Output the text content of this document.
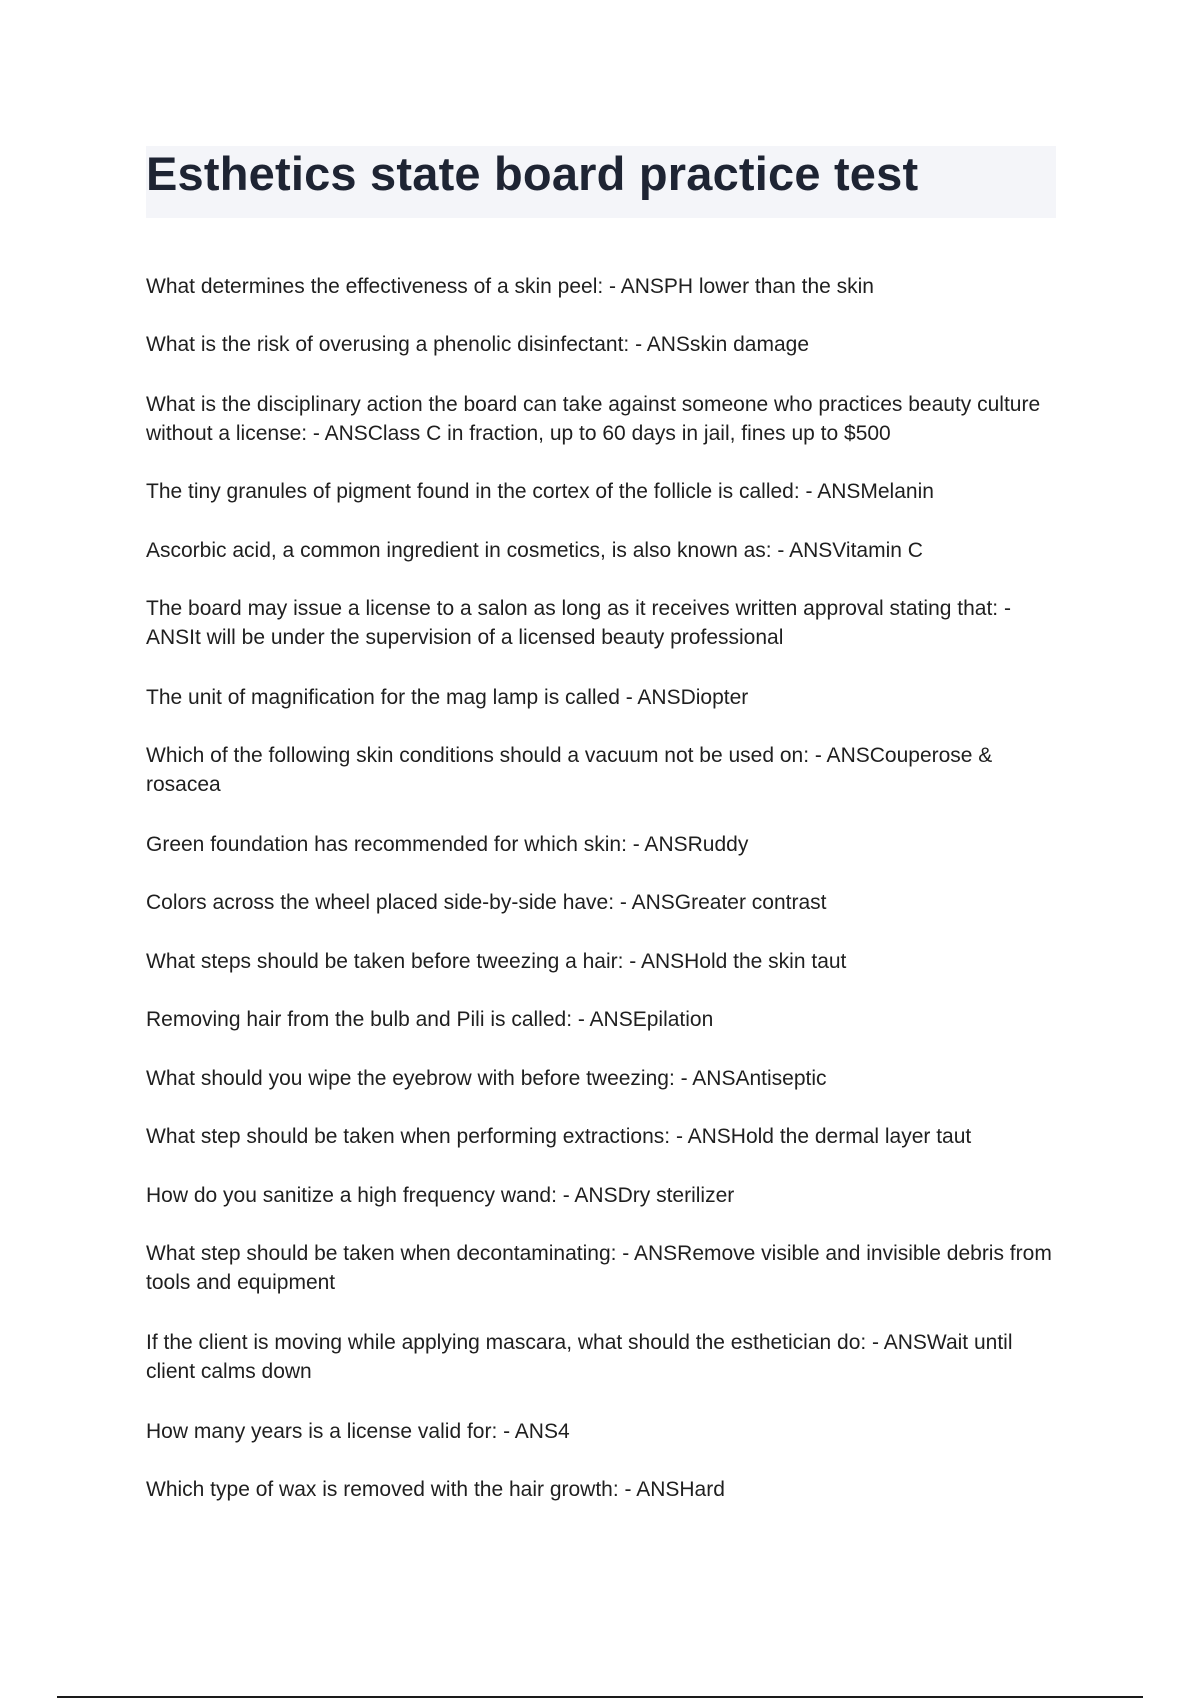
Esthetics state board practice test
What determines the effectiveness of a skin peel: - ANSPH lower than the skin
What is the risk of overusing a phenolic disinfectant: - ANSskin damage
What is the disciplinary action the board can take against someone who practices beauty culture without a license: - ANSClass C in fraction, up to 60 days in jail, fines up to $500
The tiny granules of pigment found in the cortex of the follicle is called: - ANSMelanin
Ascorbic acid, a common ingredient in cosmetics, is also known as: - ANSVitamin C
The board may issue a license to a salon as long as it receives written approval stating that: - ANSIt will be under the supervision of a licensed beauty professional
The unit of magnification for the mag lamp is called - ANSDiopter
Which of the following skin conditions should a vacuum not be used on: - ANSCouperose & rosacea
Green foundation has recommended for which skin: - ANSRuddy
Colors across the wheel placed side-by-side have: - ANSGreater contrast
What steps should be taken before tweezing a hair: - ANSHold the skin taut
Removing hair from the bulb and Pili is called: - ANSEpilation
What should you wipe the eyebrow with before tweezing: - ANSAntiseptic
What step should be taken when performing extractions: - ANSHold the dermal layer taut
How do you sanitize a high frequency wand: - ANSDry sterilizer
What step should be taken when decontaminating: - ANSRemove visible and invisible debris from tools and equipment
If the client is moving while applying mascara, what should the esthetician do: - ANSWait until client calms down
How many years is a license valid for: - ANS4
Which type of wax is removed with the hair growth: - ANSHard
